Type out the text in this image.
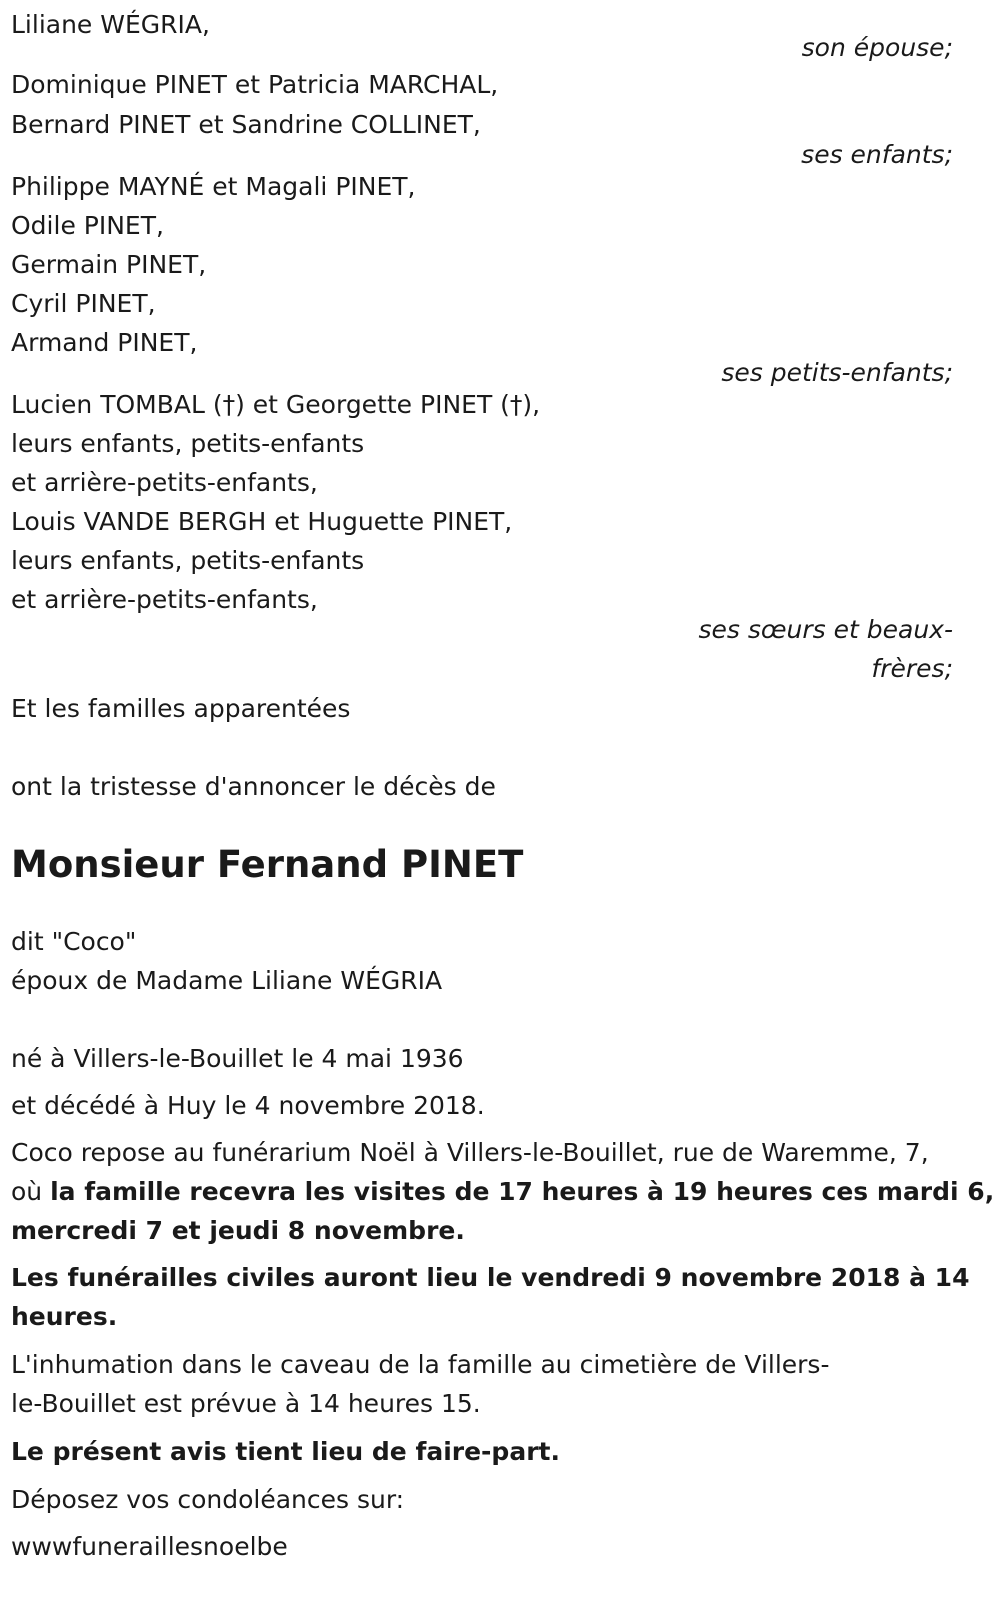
Liliane WÉGRIA,
son épouse;
Dominique PINET et Patricia MARCHAL,
Bernard PINET et Sandrine COLLINET,
ses enfants;
Philippe MAYNÉ et Magali PINET,
Odile PINET,
Germain PINET,
Cyril PINET,
Armand PINET,
ses petits-enfants;
Lucien TOMBAL (†) et Georgette PINET (†),
leurs enfants, petits-enfants
et arrière-petits-enfants,
Louis VANDE BERGH et Huguette PINET,
leurs enfants, petits-enfants
et arrière-petits-enfants,
ses sœurs et beaux-
frères;
Et les familles apparentées
ont la tristesse d'annoncer le décès de
Monsieur Fernand PINET
dit "Coco"
époux de Madame Liliane WÉGRIA
né à Villers-le-Bouillet le 4 mai 1936
et décédé à Huy le 4 novembre 2018.
Coco repose au funérarium Noël à Villers-le-Bouillet, rue de Waremme, 7,
où la famille recevra les visites de 17 heures à 19 heures ces mardi 6,
mercredi 7 et jeudi 8 novembre.
Les funérailles civiles auront lieu le vendredi 9 novembre 2018 à 14
heures.
L'inhumation dans le caveau de la famille au cimetière de Villers-
le-Bouillet est prévue à 14 heures 15.
Le présent avis tient lieu de faire-part.
Déposez vos condoléances sur:
wwwfuneraillesnoelbe
